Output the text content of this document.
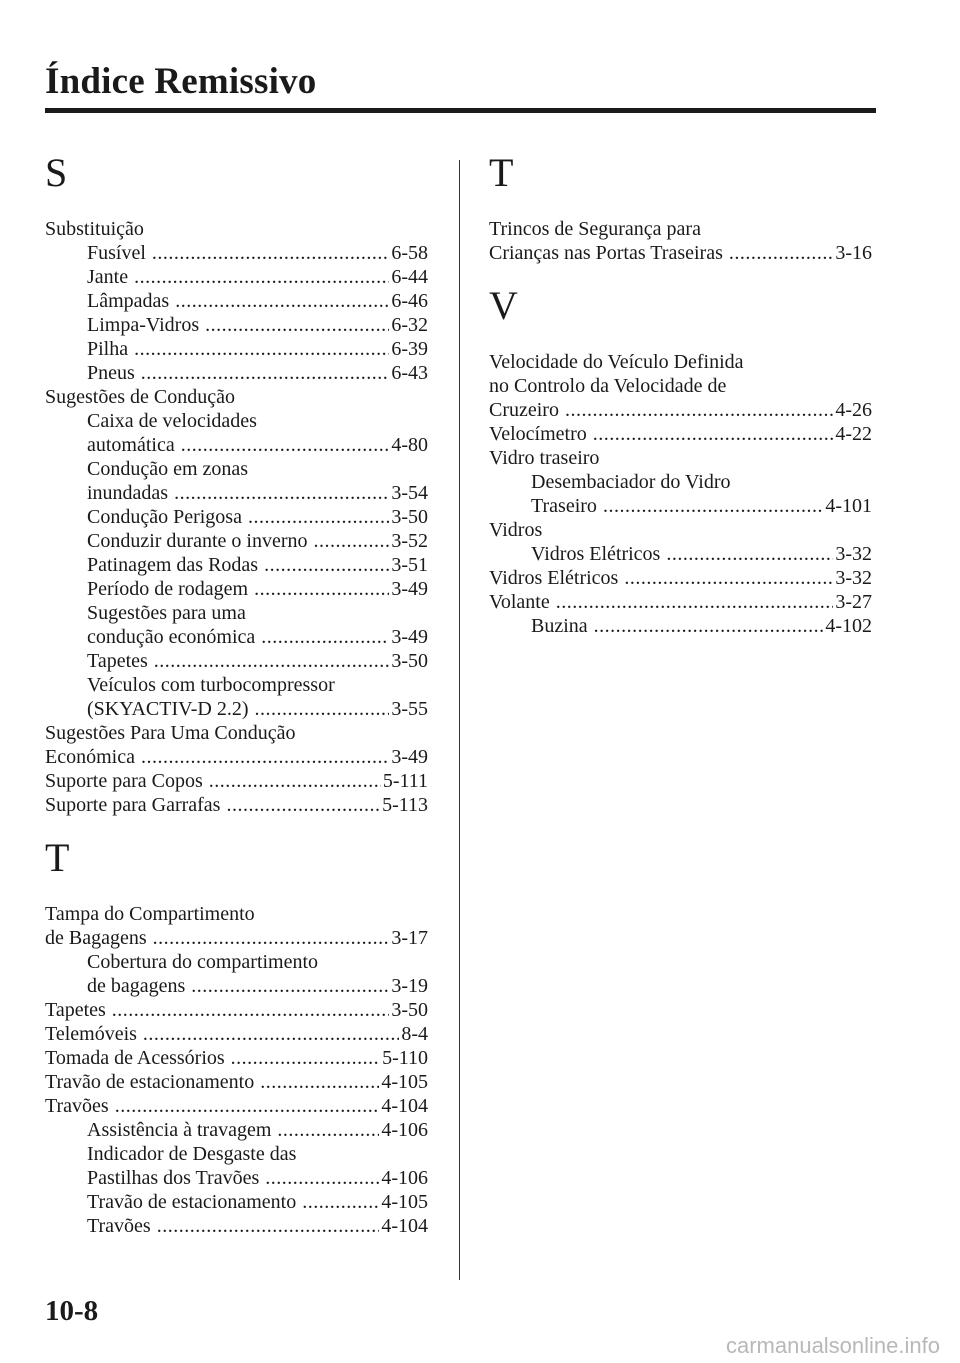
Índice Remissivo
S
Substituição
Fusível .....	6-58
Jante .....	6-44
Lâmpadas .....	6-46
Limpa-Vidros .....	6-32
Pilha .....	6-39
Pneus .....	6-43
Sugestões de Condução
Caixa de velocidades
automática .....	4-80
Condução em zonas
inundadas .....	3-54
Condução Perigosa .....	3-50
Conduzir durante o inverno .....	3-52
Patinagem das Rodas .....	3-51
Período de rodagem .....	3-49
Sugestões para uma
condução económica .....	3-49
Tapetes .....	3-50
Veículos com turbocompressor
(SKYACTIV-D 2.2) .....	3-55
Sugestões Para Uma Condução
Económica .....	3-49
Suporte para Copos .....	5-111
Suporte para Garrafas .....	5-113
T
Tampa do Compartimento
de Bagagens .....	3-17
Cobertura do compartimento
de bagagens .....	3-19
Tapetes .....	3-50
Telemóveis .....	8-4
Tomada de Acessórios .....	5-110
Travão de estacionamento .....	4-105
Travões .....	4-104
Assistência à travagem .....	4-106
Indicador de Desgaste das
Pastilhas dos Travões .....	4-106
Travão de estacionamento .....	4-105
Travões .....	4-104
T
Trincos de Segurança para
Crianças nas Portas Traseiras .....	3-16
V
Velocidade do Veículo Definida
no Controlo da Velocidade de
Cruzeiro .....	4-26
Velocímetro .....	4-22
Vidro traseiro
Desembaciador do Vidro
Traseiro .....	4-101
Vidros
Vidros Elétricos .....	3-32
Vidros Elétricos .....	3-32
Volante .....	3-27
Buzina .....	4-102
10-8
carmanualsonline.info
